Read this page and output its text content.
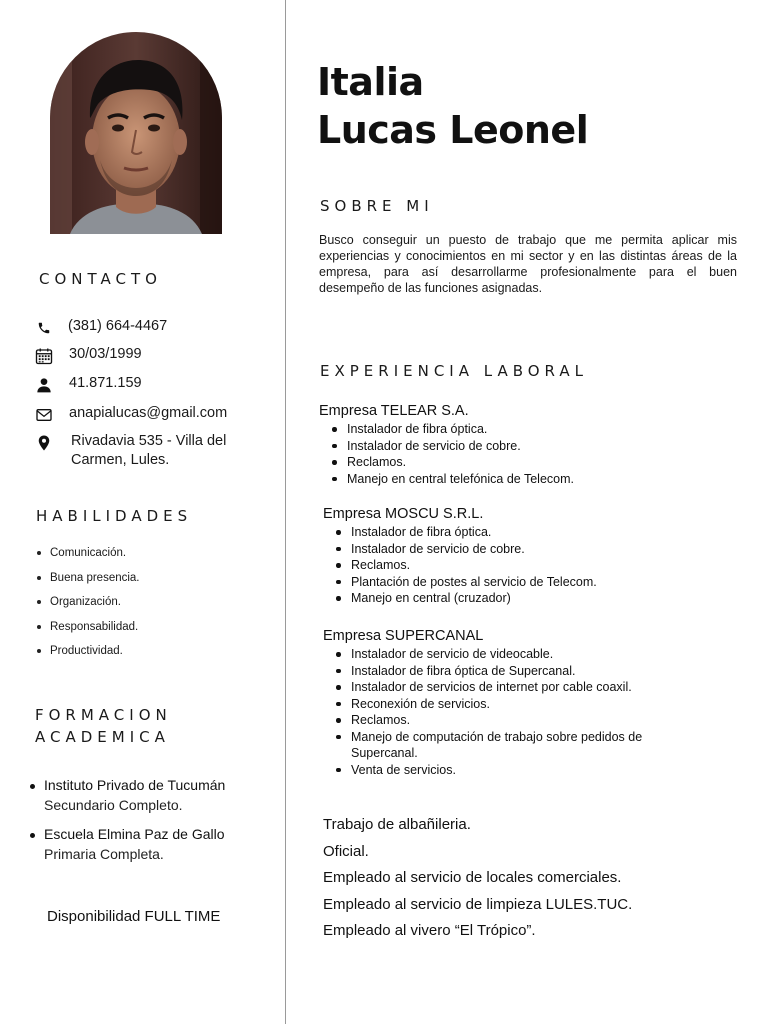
CONTACTO
(381) 664-4467
30/03/1999
41.871.159
anapialucas@gmail.com
Rivadavia 535 - Villa del Carmen, Lules.
HABILIDADES
Comunicación.
Buena presencia.
Organización.
Responsabilidad.
Productividad.
FORMACION
ACADEMICA
Instituto Privado de Tucumán
Secundario Completo.
Escuela Elmina Paz de Gallo
Primaria Completa.
Disponibilidad FULL TIME
Italia
Lucas Leonel
SOBRE MI

Busco conseguir un puesto de trabajo que me permita aplicar mis experiencias y conocimientos en mi sector y en las distintas áreas de la empresa, para así desarrollarme profesionalmente para el buen desempeño de las funciones asignadas.

EXPERIENCIA LABORAL
Empresa TELEAR S.A.
Instalador de fibra óptica.
Instalador de servicio de cobre.
Reclamos.
Manejo en central telefónica de Telecom.
Empresa MOSCU S.R.L.
Instalador de fibra óptica.
Instalador de servicio de cobre.
Reclamos.
Plantación de postes al servicio de Telecom.
Manejo en central (cruzador)
Empresa SUPERCANAL
Instalador de servicio de videocable.
Instalador de fibra óptica de Supercanal.
Instalador de servicios de internet por cable coaxil.
Reconexión de servicios.
Reclamos.
Manejo de computación de trabajo sobre pedidos de Supercanal.
Venta de servicios.
Trabajo de albañileria.
Oficial.
Empleado al servicio de locales comerciales.
Empleado al servicio de limpieza LULES.TUC.
Empleado al vivero “El Trópico”.
